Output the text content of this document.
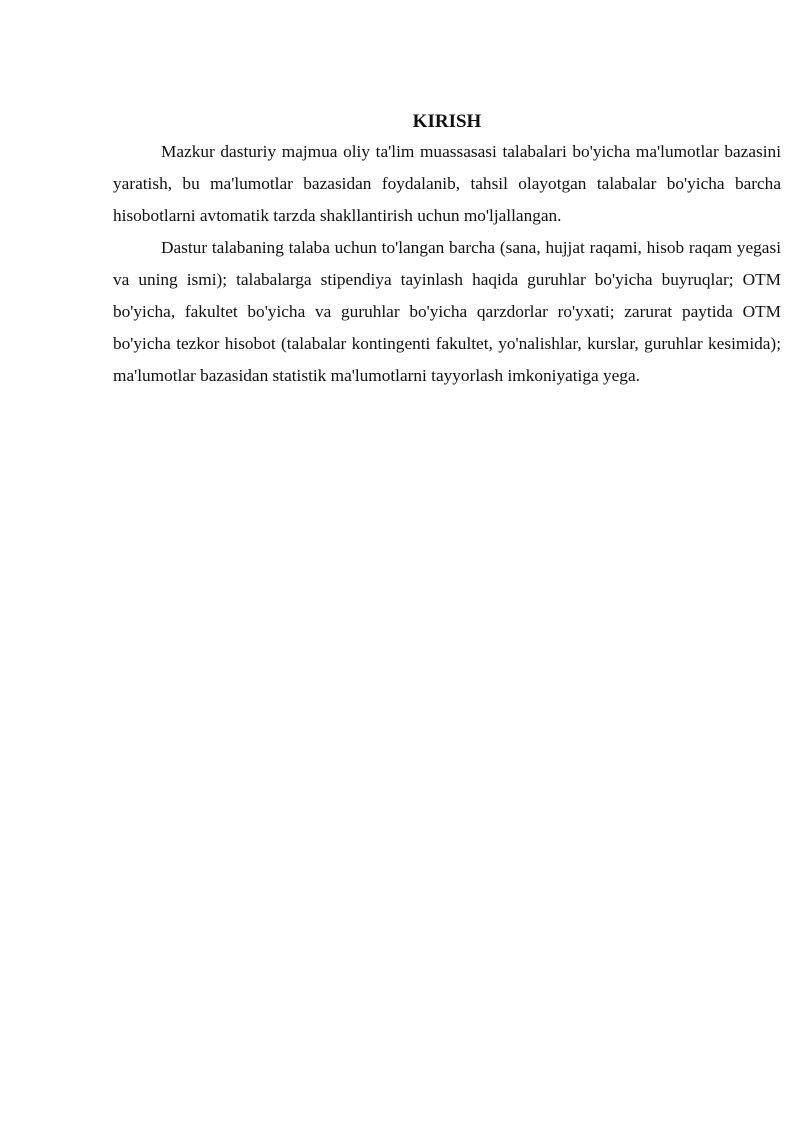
KIRISH

Mazkur dasturiy majmua oliy ta'lim muassasasi talabalari bo'yicha ma'lumotlar bazasini yaratish, bu ma'lumotlar bazasidan foydalanib, tahsil olayotgan talabalar bo'yicha barcha hisobotlarni avtomatik tarzda shakllantirish uchun mo'ljallangan.

Dastur talabaning talaba uchun to'langan barcha (sana, hujjat raqami, hisob raqam yegasi va uning ismi); talabalarga stipendiya tayinlash haqida guruhlar bo'yicha buyruqlar; OTM bo'yicha, fakultet bo'yicha va guruhlar bo'yicha qarzdorlar ro'yxati; zarurat paytida OTM bo'yicha tezkor hisobot (talabalar kontingenti fakultet, yo'nalishlar, kurslar, guruhlar kesimida); ma'lumotlar bazasidan statistik ma'lumotlarni tayyorlash imkoniyatiga yega.
